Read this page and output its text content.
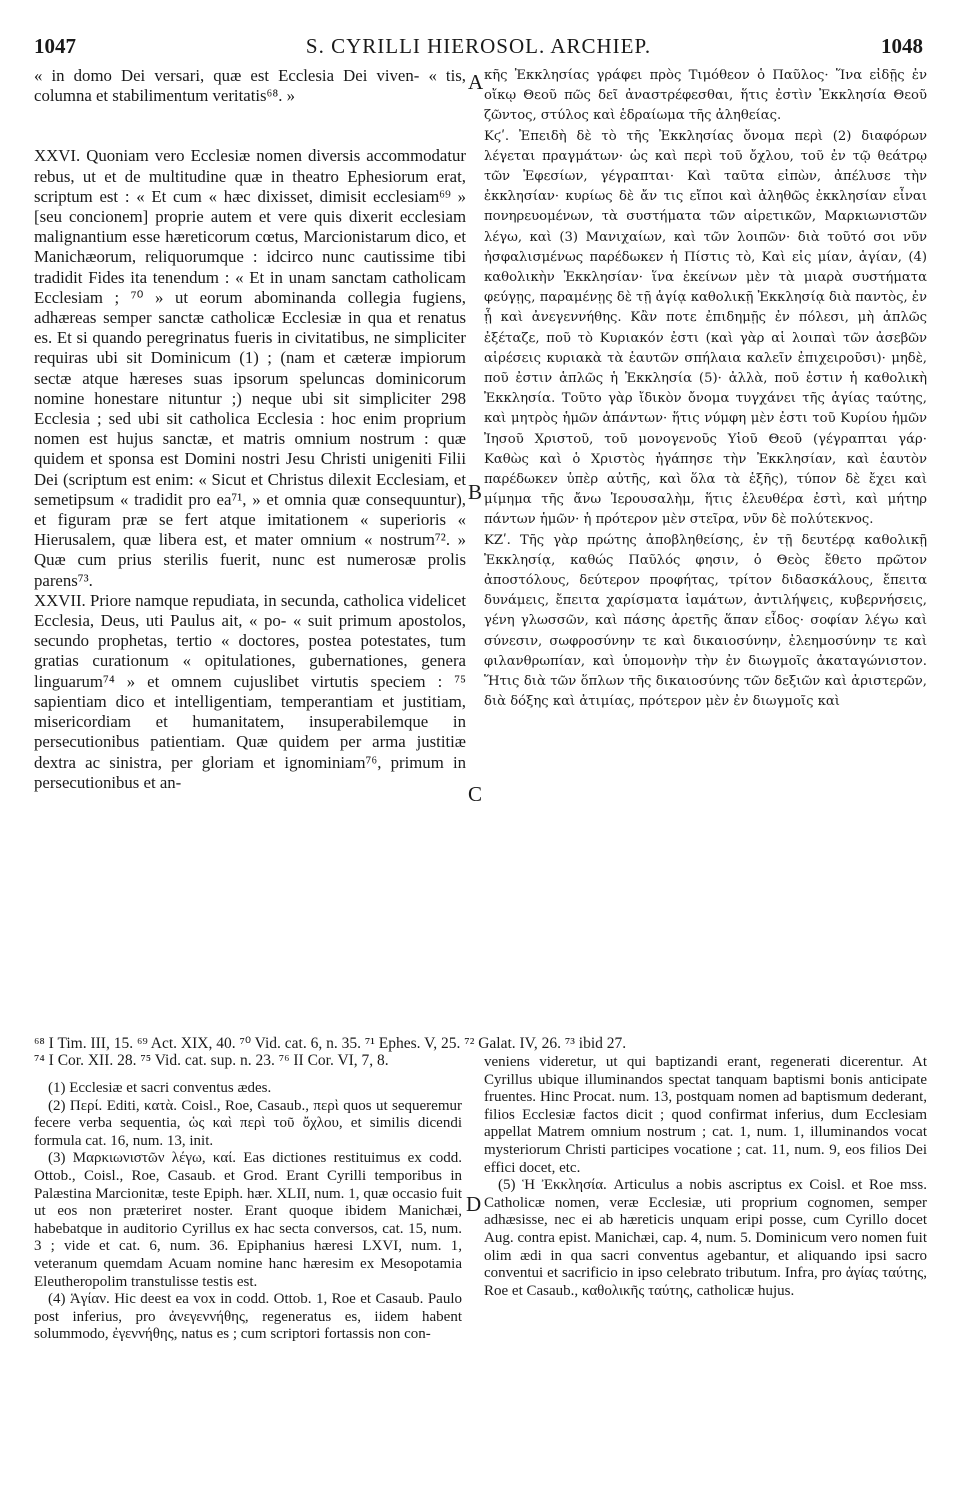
1047	S. CYRILLI HIEROSOL. ARCHIEP.	1048

« in domo Dei versari, quæ est Ecclesia Dei viven- « tis, columna et stabilimentum veritatis⁶⁸. »

XXVI. Quoniam vero Ecclesiæ nomen diversis accommodatur rebus, ut et de multitudine quæ in theatro Ephesiorum erat, scriptum est : « Et cum « hæc dixisset, dimisit ecclesiam⁶⁹ » [seu concionem] proprie autem et vere quis dixerit ecclesiam malignantium esse hæreticorum cœtus, Marcionistarum dico, et Manichæorum, reliquorumque : idcirco nunc cautissime tibi tradidit Fides ita tenendum : « Et in unam sanctam catholicam Ecclesiam ; ⁷⁰ » ut eorum abominanda collegia fugiens, adhæreas semper sanctæ catholicæ Ecclesiæ in qua et renatus es. Et si quando peregrinatus fueris in civitatibus, ne simpliciter requiras ubi sit Dominicum (1) ; (nam et cæteræ impiorum sectæ atque hæreses suas ipsorum speluncas dominicorum nomine honestare nituntur ;) neque ubi sit simpliciter 298 Ecclesia ; sed ubi sit catholica Ecclesia : hoc enim proprium nomen est hujus sanctæ, et matris omnium nostrum : quæ quidem et sponsa est Domini nostri Jesu Christi unigeniti Filii Dei (scriptum est enim: « Sicut et Christus dilexit Ecclesiam, et semetipsum « tradidit pro ea⁷¹, » et omnia quæ consequuntur), et figuram præ se fert atque imitationem « superioris « Hierusalem, quæ libera est, et mater omnium « nostrum⁷². » Quæ cum prius sterilis fuerit, nunc est numerosæ prolis parens⁷³.

XXVII. Priore namque repudiata, in secunda, catholica videlicet Ecclesia, Deus, uti Paulus ait, « po- « suit primum apostolos, secundo prophetas, tertio « doctores, postea potestates, tum gratias curationum « opitulationes, gubernationes, genera linguarum⁷⁴ » et omnem cujuslibet virtutis speciem : ⁷⁵ sapientiam dico et intelligentiam, temperantiam et justitiam, misericordiam et humanitatem, insuperabilemque in persecutionibus patientiam. Quæ quidem per arma justitiæ dextra ac sinistra, per gloriam et ignominiam⁷⁶, primum in persecutionibus et an-

A
B
C
D

κῆς Ἐκκλησίας γράφει πρὸς Τιμόθεον ὁ Παῦλος· Ἵνα εἰδῇς ἐν οἴκῳ Θεοῦ πῶς δεῖ ἀναστρέφεσθαι, ἥτις ἐστὶν Ἐκκλησία Θεοῦ ζῶντος, στύλος καὶ ἑδραίωμα τῆς ἀληθείας.

Κϛʹ. Ἐπειδὴ δὲ τὸ τῆς Ἐκκλησίας ὄνομα περὶ (2) διαφόρων λέγεται πραγμάτων· ὡς καὶ περὶ τοῦ ὄχλου, τοῦ ἐν τῷ θεάτρῳ τῶν Ἐφεσίων, γέγραπται· Καὶ ταῦτα εἰπὼν, ἀπέλυσε τὴν ἐκκλησίαν· κυρίως δὲ ἄν τις εἴποι καὶ ἀληθῶς ἐκκλησίαν εἶναι πονηρευομένων, τὰ συστήματα τῶν αἱρετικῶν, Μαρκιωνιστῶν λέγω, καὶ (3) Μανιχαίων, καὶ τῶν λοιπῶν· διὰ τοῦτό σοι νῦν ἠσφαλισμένως παρέδωκεν ἡ Πίστις τὸ, Καὶ εἰς μίαν, ἁγίαν, (4) καθολικὴν Ἐκκλησίαν· ἵνα ἐκείνων μὲν τὰ μιαρὰ συστήματα φεύγῃς, παραμένῃς δὲ τῇ ἁγίᾳ καθολικῇ Ἐκκλησίᾳ διὰ παντὸς, ἐν ᾗ καὶ ἀνεγεννήθης. Κἂν ποτε ἐπιδημῇς ἐν πόλεσι, μὴ ἁπλῶς ἐξέταζε, ποῦ τὸ Κυριακόν ἐστι (καὶ γὰρ αἱ λοιπαὶ τῶν ἀσεβῶν αἱρέσεις κυριακὰ τὰ ἑαυτῶν σπήλαια καλεῖν ἐπιχειροῦσι)· μηδὲ, ποῦ ἐστιν ἁπλῶς ἡ Ἐκκλησία (5)· ἀλλὰ, ποῦ ἐστιν ἡ καθολικὴ Ἐκκλησία. Τοῦτο γὰρ ἴδικὸν ὄνομα τυγχάνει τῆς ἁγίας ταύτης, καὶ μητρὸς ἡμῶν ἁπάντων· ἥτις νύμφη μὲν ἐστι τοῦ Κυρίου ἡμῶν Ἰησοῦ Χριστοῦ, τοῦ μονογενοῦς Υἱοῦ Θεοῦ (γέγραπται γάρ· Καθὼς καὶ ὁ Χριστὸς ἠγάπησε τὴν Ἐκκλησίαν, καὶ ἑαυτὸν παρέδωκεν ὑπὲρ αὐτῆς, καὶ ὅλα τὰ ἑξῆς), τύπον δὲ ἔχει καὶ μίμημα τῆς ἄνω Ἱερουσαλὴμ, ἥτις ἐλευθέρα ἐστὶ, καὶ μήτηρ πάντων ἡμῶν· ἡ πρότερον μὲν στεῖρα, νῦν δὲ πολύτεκνος.

ΚΖʹ. Τῆς γὰρ πρώτης ἀποβληθείσης, ἐν τῇ δευτέρᾳ καθολικῇ Ἐκκλησίᾳ, καθώς Παῦλός φησιν, ὁ Θεὸς ἔθετο πρῶτον ἀποστόλους, δεύτερον προφήτας, τρίτον διδασκάλους, ἔπειτα δυνάμεις, ἔπειτα χαρίσματα ἰαμάτων, ἀντιλήψεις, κυβερνήσεις, γένη γλωσσῶν, καὶ πάσης ἀρετῆς ἅπαν εἶδος· σοφίαν λέγω καὶ σύνεσιν, σωφροσύνην τε καὶ δικαιοσύνην, ἐλεημοσύνην τε καὶ φιλανθρωπίαν, καὶ ὑπομονὴν τὴν ἐν διωγμοῖς ἀκαταγώνιστον. Ἥτις διὰ τῶν ὅπλων τῆς δικαιοσύνης τῶν δεξιῶν καὶ ἀριστερῶν, διὰ δόξης καὶ ἀτιμίας, πρότερον μὲν ἐν διωγμοῖς καὶ

⁶⁸ I Tim. III, 15. ⁶⁹ Act. XIX, 40. ⁷⁰ Vid. cat. 6, n. 35. ⁷¹ Ephes. V, 25. ⁷² Galat. IV, 26. ⁷³ ibid 27.
⁷⁴ I Cor. XII. 28. ⁷⁵ Vid. cat. sup. n. 23. ⁷⁶ II Cor. VI, 7, 8.

(1) Ecclesiæ et sacri conventus ædes.

(2) Περί. Editi, κατὰ. Coisl., Roe, Casaub., περὶ quos ut sequeremur fecere verba sequentia, ὡς καὶ περὶ τοῦ ὄχλου, et similis dicendi formula cat. 16, num. 13, init.

(3) Μαρκιωνιστῶν λέγω, καί. Eas dictiones restituimus ex codd. Ottob., Coisl., Roe, Casaub. et Grod. Erant Cyrilli temporibus in Palæstina Marcionitæ, teste Epiph. hær. XLII, num. 1, quæ occasio fuit ut eos non præteriret noster. Erant quoque ibidem Manichæi, habebatque in auditorio Cyrillus ex hac secta conversos, cat. 15, num. 3 ; vide et cat. 6, num. 36. Epiphanius hæresi LXVI, num. 1, veteranum quemdam Acuam nomine hanc hæresim ex Mesopotamia Eleutheropolim transtulisse testis est.

(4) Ἁγίαν. Hic deest ea vox in codd. Ottob. 1, Roe et Casaub. Paulo post inferius, pro ἀνεγεννήθης, regeneratus es, iidem habent solummodo, ἐγεννήθης, natus es ; cum scriptori fortassis non con-

veniens videretur, ut qui baptizandi erant, regenerati dicerentur. At Cyrillus ubique illuminandos spectat tanquam baptismi bonis anticipate fruentes. Hinc Procat. num. 13, postquam nomen ad baptismum dederant, filios Ecclesiæ factos dicit ; quod confirmat inferius, dum Ecclesiam appellat Matrem omnium nostrum ; cat. 1, num. 1, illuminandos vocat mysteriorum Christi participes vocatione ; cat. 11, num. 9, eos filios Dei effici docet, etc.

(5) Ἡ Ἐκκλησία. Articulus a nobis ascriptus ex Coisl. et Roe mss. Catholicæ nomen, veræ Ecclesiæ, uti proprium cognomen, semper adhæsisse, nec ei ab hæreticis unquam eripi posse, cum Cyrillo docet Aug. contra epist. Manichæi, cap. 4, num. 5. Dominicum vero nomen fuit olim ædi in qua sacri conventus agebantur, et aliquando ipsi sacro conventui et sacrificio in ipso celebrato tributum. Infra, pro ἁγίας ταύτης, Roe et Casaub., καθολικῆς ταύτης, catholicæ hujus.
